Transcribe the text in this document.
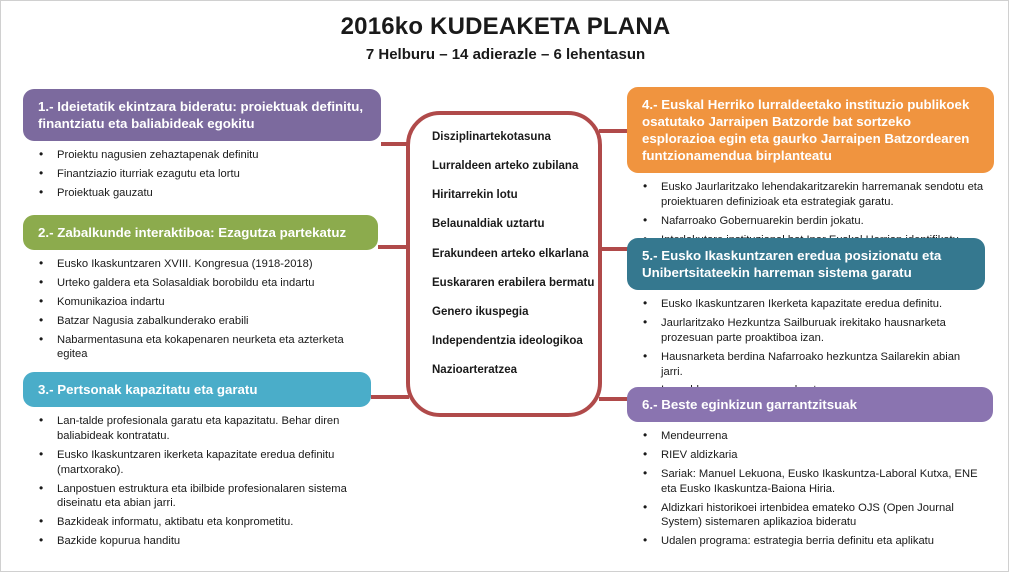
2016ko KUDEAKETA PLANA
7 Helburu – 14 adierazle – 6 lehentasun
Disziplinartekotasuna
Lurraldeen arteko zubilana
Hiritarrekin lotu
Belaunaldiak uztartu
Erakundeen arteko elkarlana
Euskararen erabilera bermatu
Genero ikuspegia
Independentzia ideologikoa
Nazioarteratzea
1.- Ideietatik ekintzara bideratu: proiektuak definitu, finantziatu eta baliabideak egokitu
• Proiektu nagusien zehaztapenak definitu
• Finantziazio iturriak ezagutu eta lortu
• Proiektuak gauzatu
2.- Zabalkunde interaktiboa: Ezagutza partekatuz
• Eusko Ikaskuntzaren XVIII. Kongresua (1918-2018)
• Urteko galdera eta Solasaldiak borobildu eta indartu
• Komunikazioa indartu
• Batzar Nagusia zabalkunderako erabili
• Nabarmentasuna eta kokapenaren neurketa eta azterketa egitea
3.- Pertsonak kapazitatu eta garatu
• Lan-talde profesionala garatu eta kapazitatu. Behar diren baliabideak kontratatu.
• Eusko Ikaskuntzaren ikerketa kapazitate eredua definitu (martxorako).
• Lanpostuen estruktura eta ibilbide profesionalaren sistema diseinatu eta abian jarri.
• Bazkideak informatu, aktibatu eta konprometitu.
• Bazkide kopurua handitu
4.- Euskal Herriko lurraldeetako instituzio publikoek osatutako Jarraipen Batzorde bat sortzeko esplorazioa egin eta gaurko Jarraipen Batzordearen funtzionamendua birplanteatu
• Eusko Jaurlaritzako lehendakaritzarekin harremanak sendotu eta proiektuaren definizioak eta estrategiak garatu.
• Nafarroako Gobernuarekin berdin jokatu.
•
5.- Eusko Ikaskuntzaren eredua posizionatu eta Unibertsitateekin harreman sistema garatu
• Eusko Ikaskuntzaren Ikerketa kapazitate eredua definitu.
• Jaurlaritzako Hezkuntza Sailburuak irekitako hausnarketa prozesuan parte proaktiboa izan.
• Hausnarketa berdina Nafarroako hezkuntza Sailarekin abian jarri.
•
6.- Beste eginkizun garrantzitsuak
• Mendeurrena
• RIEV aldizkaria
• Sariak: Manuel Lekuona, Eusko Ikaskuntza-Laboral Kutxa, ENE eta Eusko Ikaskuntza-Baiona Hiria.
• Aldizkari historikoei irtenbidea emateko OJS (Open Journal System) sistemaren aplikazioa bideratu
• Udalen programa: estrategia berria definitu eta aplikatu
